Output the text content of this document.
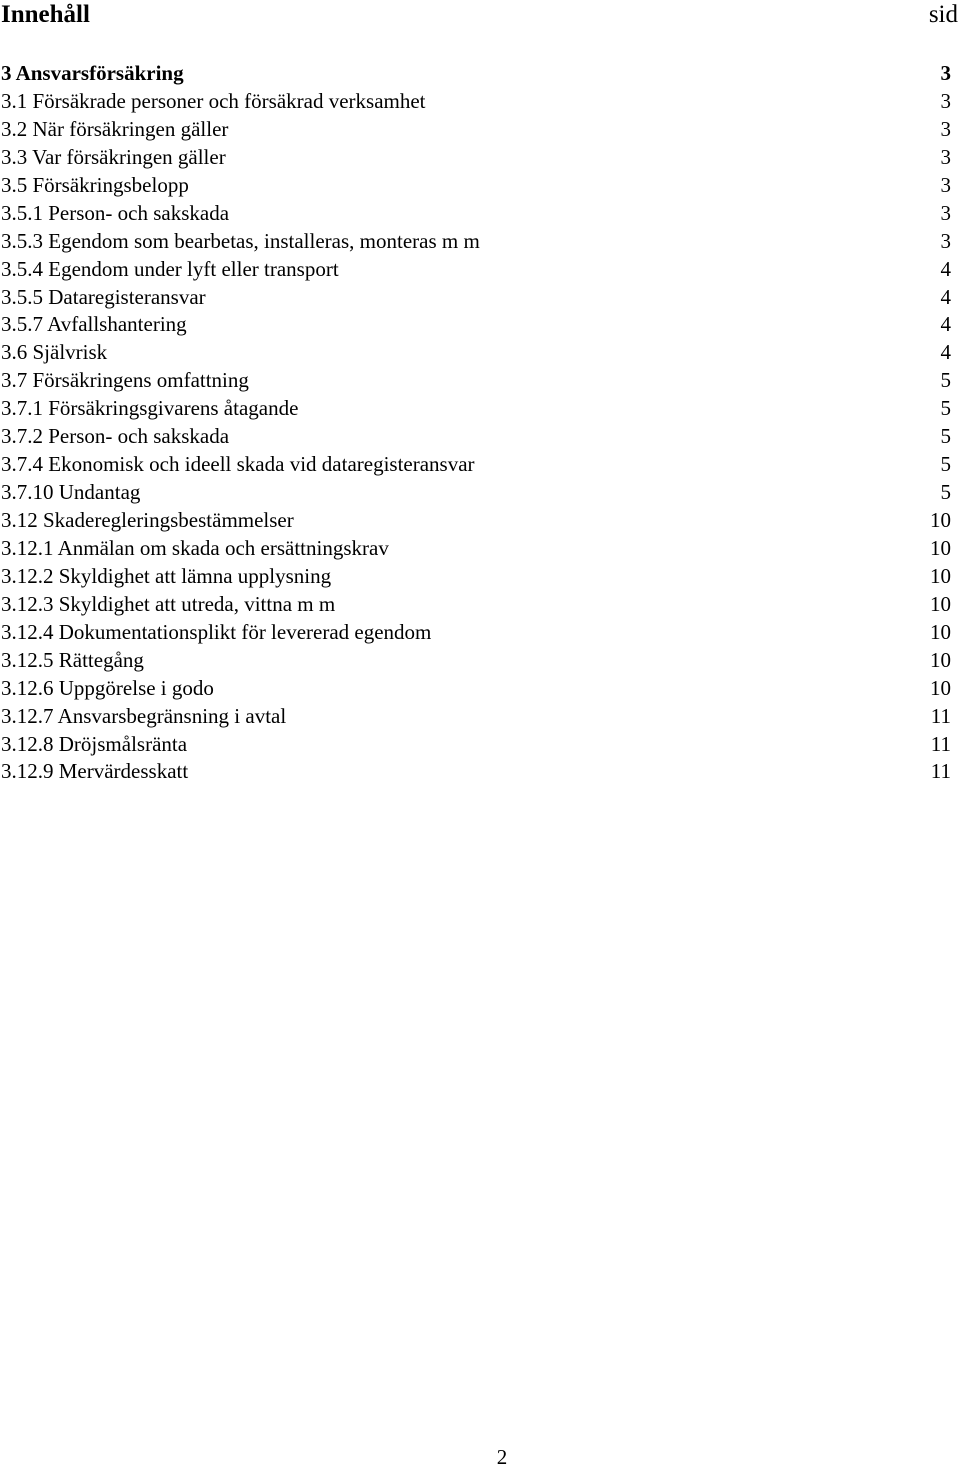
Innehåll	sid
3 Ansvarsförsäkring	3
3.1 Försäkrade personer och försäkrad verksamhet	3
3.2 När försäkringen gäller	3
3.3 Var försäkringen gäller	3
3.5 Försäkringsbelopp	3
3.5.1 Person- och sakskada	3
3.5.3 Egendom som bearbetas, installeras, monteras m m	3
3.5.4 Egendom under lyft eller transport	4
3.5.5 Dataregisteransvar	4
3.5.7 Avfallshantering	4
3.6 Självrisk	4
3.7 Försäkringens omfattning	5
3.7.1 Försäkringsgivarens åtagande	5
3.7.2 Person- och sakskada	5
3.7.4 Ekonomisk och ideell skada vid dataregisteransvar	5
3.7.10 Undantag	5
3.12 Skaderegleringsbestämmelser	10
3.12.1 Anmälan om skada och ersättningskrav	10
3.12.2 Skyldighet att lämna upplysning	10
3.12.3 Skyldighet att utreda, vittna m m	10
3.12.4 Dokumentationsplikt för levererad egendom	10
3.12.5 Rättegång	10
3.12.6 Uppgörelse i godo	10
3.12.7 Ansvarsbegränsning i avtal	11
3.12.8 Dröjsmålsränta	11
3.12.9 Mervärdesskatt	11
2
